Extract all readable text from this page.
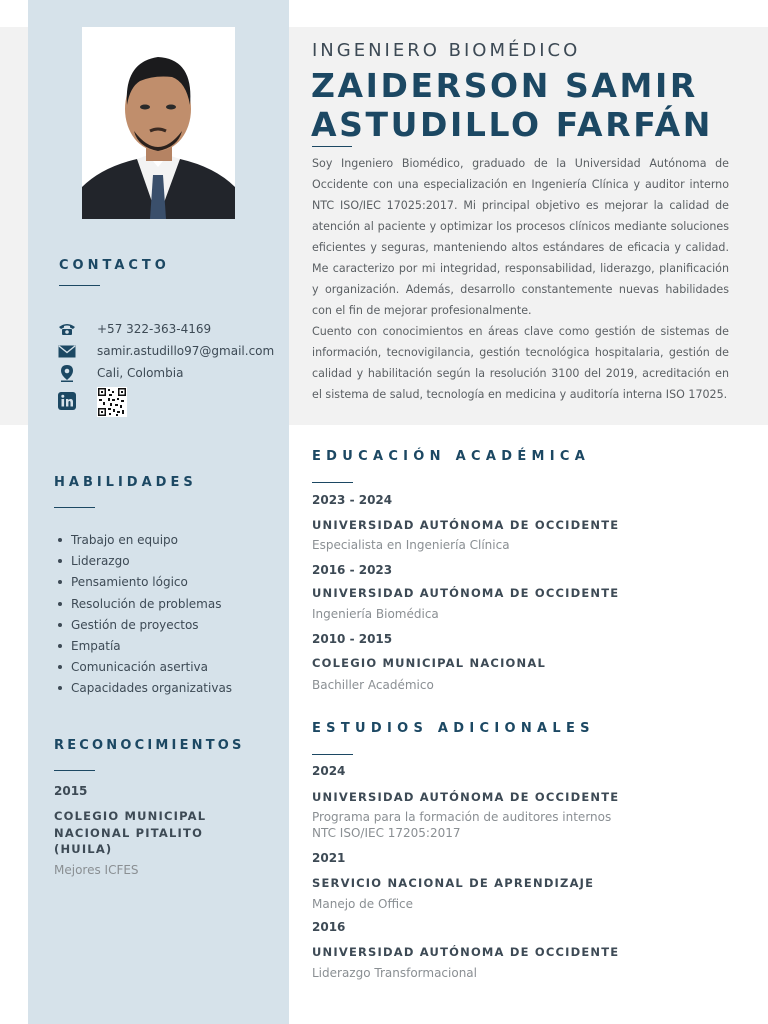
CONTACTO
+57 322-363-4169
samir.astudillo97@gmail.com
Cali, Colombia
HABILIDADES
Trabajo en equipo
Liderazgo
Pensamiento lógico
Resolución de problemas
Gestión de proyectos
Empatía
Comunicación asertiva
Capacidades organizativas
RECONOCIMIENTOS
2015
COLEGIO MUNICIPAL NACIONAL PITALITO (HUILA)
Mejores ICFES
INGENIERO BIOMÉDICO
ZAIDERSON SAMIR
ASTUDILLO FARFÁN

Soy Ingeniero Biomédico, graduado de la Universidad Autónoma de Occidente con una especialización en Ingeniería Clínica y auditor interno NTC ISO/IEC 17025:2017. Mi principal objetivo es mejorar la calidad de atención al paciente y optimizar los procesos clínicos mediante soluciones eficientes y seguras, manteniendo altos estándares de eficacia y calidad. Me caracterizo por mi integridad, responsabilidad, liderazgo, planificación y organización. Además, desarrollo constantemente nuevas habilidades con el fin de mejorar profesionalmente.

Cuento con conocimientos en áreas clave como gestión de sistemas de información, tecnovigilancia, gestión tecnológica hospitalaria, gestión de calidad y habilitación según la resolución 3100 del 2019, acreditación en el sistema de salud, tecnología en medicina y auditoría interna ISO 17025.

EDUCACIÓN ACADÉMICA
2023 - 2024
UNIVERSIDAD AUTÓNOMA DE OCCIDENTE
Especialista en Ingeniería Clínica
2016 - 2023
UNIVERSIDAD AUTÓNOMA DE OCCIDENTE
Ingeniería Biomédica
2010 - 2015
COLEGIO MUNICIPAL NACIONAL
Bachiller Académico
ESTUDIOS ADICIONALES
2024
UNIVERSIDAD AUTÓNOMA DE OCCIDENTE
Programa para la formación de auditores internos NTC ISO/IEC 17205:2017
2021
SERVICIO NACIONAL DE APRENDIZAJE
Manejo de Office
2016
UNIVERSIDAD AUTÓNOMA DE OCCIDENTE
Liderazgo Transformacional
